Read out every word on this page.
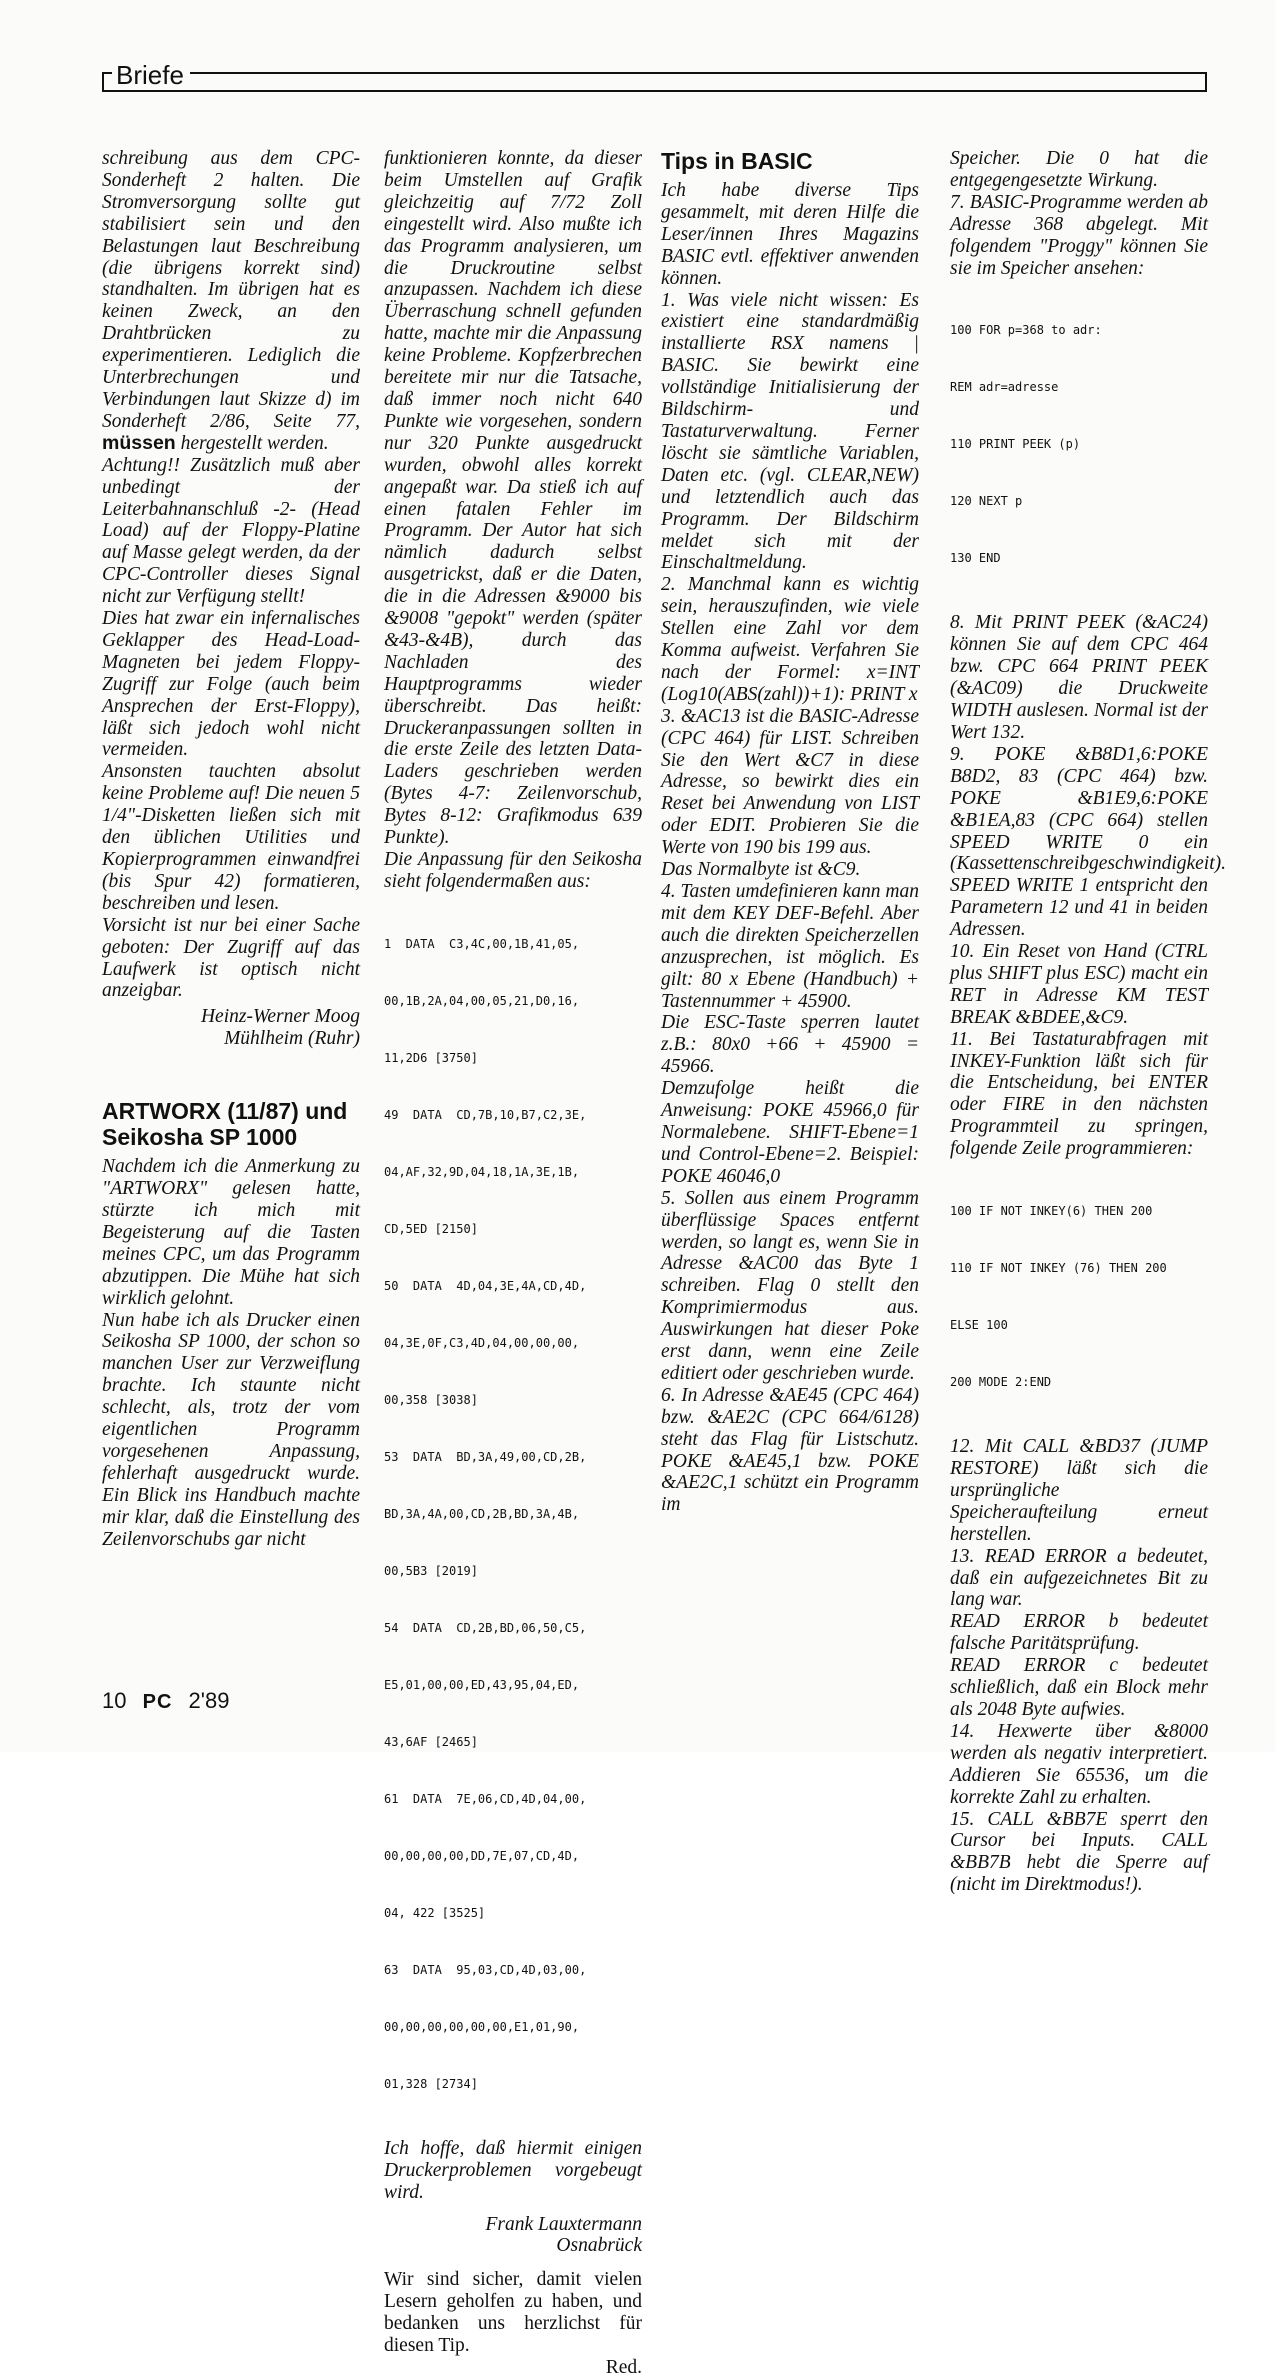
Briefe

schreibung aus dem CPC-Sonderheft 2 halten. Die Stromversorgung sollte gut stabilisiert sein und den Belastungen laut Beschreibung (die übrigens korrekt sind) standhalten. Im übrigen hat es keinen Zweck, an den Drahtbrücken zu experimentieren. Lediglich die Unterbrechungen und Verbindungen laut Skizze d) im Sonderheft 2/86, Seite 77, müssen hergestellt werden.

Achtung!! Zusätzlich muß aber unbedingt der Leiterbahnanschluß -2- (Head Load) auf der Floppy-Platine auf Masse gelegt werden, da der CPC-Controller dieses Signal nicht zur Verfügung stellt!

Dies hat zwar ein infernalisches Geklapper des Head-Load-Magneten bei jedem Floppy-Zugriff zur Folge (auch beim Ansprechen der Erst-Floppy), läßt sich jedoch wohl nicht vermeiden.

Ansonsten tauchten absolut keine Probleme auf! Die neuen 5 1/4"-Disketten ließen sich mit den üblichen Utilities und Kopierprogrammen einwandfrei (bis Spur 42) formatieren, beschreiben und lesen.

Vorsicht ist nur bei einer Sache geboten: Der Zugriff auf das Laufwerk ist optisch nicht anzeigbar.

Heinz-Werner Moog

Mühlheim (Ruhr)

ARTWORX (11/87) und Seikosha SP 1000

Nachdem ich die Anmerkung zu "ARTWORX" gelesen hatte, stürzte ich mich mit Begeisterung auf die Tasten meines CPC, um das Programm abzutippen. Die Mühe hat sich wirklich gelohnt.

Nun habe ich als Drucker einen Seikosha SP 1000, der schon so manchen User zur Verzweiflung brachte. Ich staunte nicht schlecht, als, trotz der vom eigentlichen Programm vorgesehenen Anpassung, fehlerhaft ausgedruckt wurde. Ein Blick ins Handbuch machte mir klar, daß die Einstellung des Zeilenvorschubs gar nicht

funktionieren konnte, da dieser beim Umstellen auf Grafik gleichzeitig auf 7/72 Zoll eingestellt wird. Also mußte ich das Programm analysieren, um die Druckroutine selbst anzupassen. Nachdem ich diese Überraschung schnell gefunden hatte, machte mir die Anpassung keine Probleme. Kopfzerbrechen bereitete mir nur die Tatsache, daß immer noch nicht 640 Punkte wie vorgesehen, sondern nur 320 Punkte ausgedruckt wurden, obwohl alles korrekt angepaßt war. Da stieß ich auf einen fatalen Fehler im Programm. Der Autor hat sich nämlich dadurch selbst ausgetrickst, daß er die Daten, die in die Adressen &9000 bis &9008 "gepokt" werden (später &43-&4B), durch das Nachladen des Hauptprogramms wieder überschreibt. Das heißt: Druckeranpassungen sollten in die erste Zeile des letzten Data-Laders geschrieben werden (Bytes 4-7: Zeilenvorschub, Bytes 8-12: Grafikmodus 639 Punkte).

Die Anpassung für den Seikosha sieht folgendermaßen aus:

1  DATA  C3,4C,00,1B,41,05,

00,1B,2A,04,00,05,21,D0,16,

11,2D6 [3750]

49  DATA  CD,7B,10,B7,C2,3E,

04,AF,32,9D,04,18,1A,3E,1B,

CD,5ED [2150]

50  DATA  4D,04,3E,4A,CD,4D,

04,3E,0F,C3,4D,04,00,00,00,

00,358 [3038]

53  DATA  BD,3A,49,00,CD,2B,

BD,3A,4A,00,CD,2B,BD,3A,4B,

00,5B3 [2019]

54  DATA  CD,2B,BD,06,50,C5,

E5,01,00,00,ED,43,95,04,ED,

43,6AF [2465]

61  DATA  7E,06,CD,4D,04,00,

00,00,00,00,DD,7E,07,CD,4D,

04, 422 [3525]

63  DATA  95,03,CD,4D,03,00,

00,00,00,00,00,00,E1,01,90,

01,328 [2734]

Ich hoffe, daß hiermit einigen Druckerproblemen vorgebeugt wird.

Frank Lauxtermann

Osnabrück

Wir sind sicher, damit vielen Lesern geholfen zu haben, und bedanken uns herzlichst für diesen Tip.

Red.

Tips in BASIC

Ich habe diverse Tips gesammelt, mit deren Hilfe die Leser/innen Ihres Magazins BASIC evtl. effektiver anwenden können.

1. Was viele nicht wissen: Es existiert eine standardmäßig installierte RSX namens | BASIC. Sie bewirkt eine vollständige Initialisierung der Bildschirm- und Tastaturverwaltung. Ferner löscht sie sämtliche Variablen, Daten etc. (vgl. CLEAR,NEW) und letztendlich auch das Programm. Der Bildschirm meldet sich mit der Einschaltmeldung.

2. Manchmal kann es wichtig sein, herauszufinden, wie viele Stellen eine Zahl vor dem Komma aufweist. Verfahren Sie nach der Formel: x=INT (Log10(ABS(zahl))+1): PRINT x

3. &AC13 ist die BASIC-Adresse (CPC 464) für LIST. Schreiben Sie den Wert &C7 in diese Adresse, so bewirkt dies ein Reset bei Anwendung von LIST oder EDIT. Probieren Sie die Werte von 190 bis 199 aus.

Das Normalbyte ist &C9.

4. Tasten umdefinieren kann man mit dem KEY DEF-Befehl. Aber auch die direkten Speicherzellen anzusprechen, ist möglich. Es gilt: 80 x Ebene (Handbuch) + Tastennummer + 45900.

Die ESC-Taste sperren lautet z.B.: 80x0 +66 + 45900 = 45966.

Demzufolge heißt die Anweisung: POKE 45966,0 für Normalebene. SHIFT-Ebene=1 und Control-Ebene=2. Beispiel: POKE 46046,0

5. Sollen aus einem Programm überflüssige Spaces entfernt werden, so langt es, wenn Sie in Adresse &AC00 das Byte 1 schreiben. Flag 0 stellt den Komprimiermodus aus. Auswirkungen hat dieser Poke erst dann, wenn eine Zeile editiert oder geschrieben wurde.

6. In Adresse &AE45 (CPC 464) bzw. &AE2C (CPC 664/6128) steht das Flag für Listschutz. POKE &AE45,1 bzw. POKE &AE2C,1 schützt ein Programm im

Speicher. Die 0 hat die entgegengesetzte Wirkung.

7. BASIC-Programme werden ab Adresse 368 abgelegt. Mit folgendem "Proggy" können Sie sie im Speicher ansehen:

100 FOR p=368 to adr:

REM adr=adresse

110 PRINT PEEK (p)

120 NEXT p

130 END

8. Mit PRINT PEEK (&AC24) können Sie auf dem CPC 464 bzw. CPC 664 PRINT PEEK (&AC09) die Druckweite WIDTH auslesen. Normal ist der Wert 132.

9. POKE &B8D1,6:POKE B8D2, 83 (CPC 464) bzw. POKE &B1E9,6:POKE &B1EA,83 (CPC 664) stellen SPEED WRITE 0 ein (Kassettenschreibgeschwindigkeit).

SPEED WRITE 1 entspricht den Parametern 12 und 41 in beiden Adressen.

10. Ein Reset von Hand (CTRL plus SHIFT plus ESC) macht ein RET in Adresse KM TEST BREAK &BDEE,&C9.

11. Bei Tastaturabfragen mit INKEY-Funktion läßt sich für die Entscheidung, bei ENTER oder FIRE in den nächsten Programmteil zu springen, folgende Zeile programmieren:

100 IF NOT INKEY(6) THEN 200

110 IF NOT INKEY (76) THEN 200

ELSE 100

200 MODE 2:END

12. Mit CALL &BD37 (JUMP RESTORE) läßt sich die ursprüngliche Speicheraufteilung erneut herstellen.

13. READ ERROR a bedeutet, daß ein aufgezeichnetes Bit zu lang war.

READ ERROR b bedeutet falsche Paritätsprüfung.

READ ERROR c bedeutet schließlich, daß ein Block mehr als 2048 Byte aufwies.

14. Hexwerte über &8000 werden als negativ interpretiert. Addieren Sie 65536, um die korrekte Zahl zu erhalten.

15. CALL &BB7E sperrt den Cursor bei Inputs. CALL &BB7B hebt die Sperre auf (nicht im Direktmodus!).

10 PC 2'89
